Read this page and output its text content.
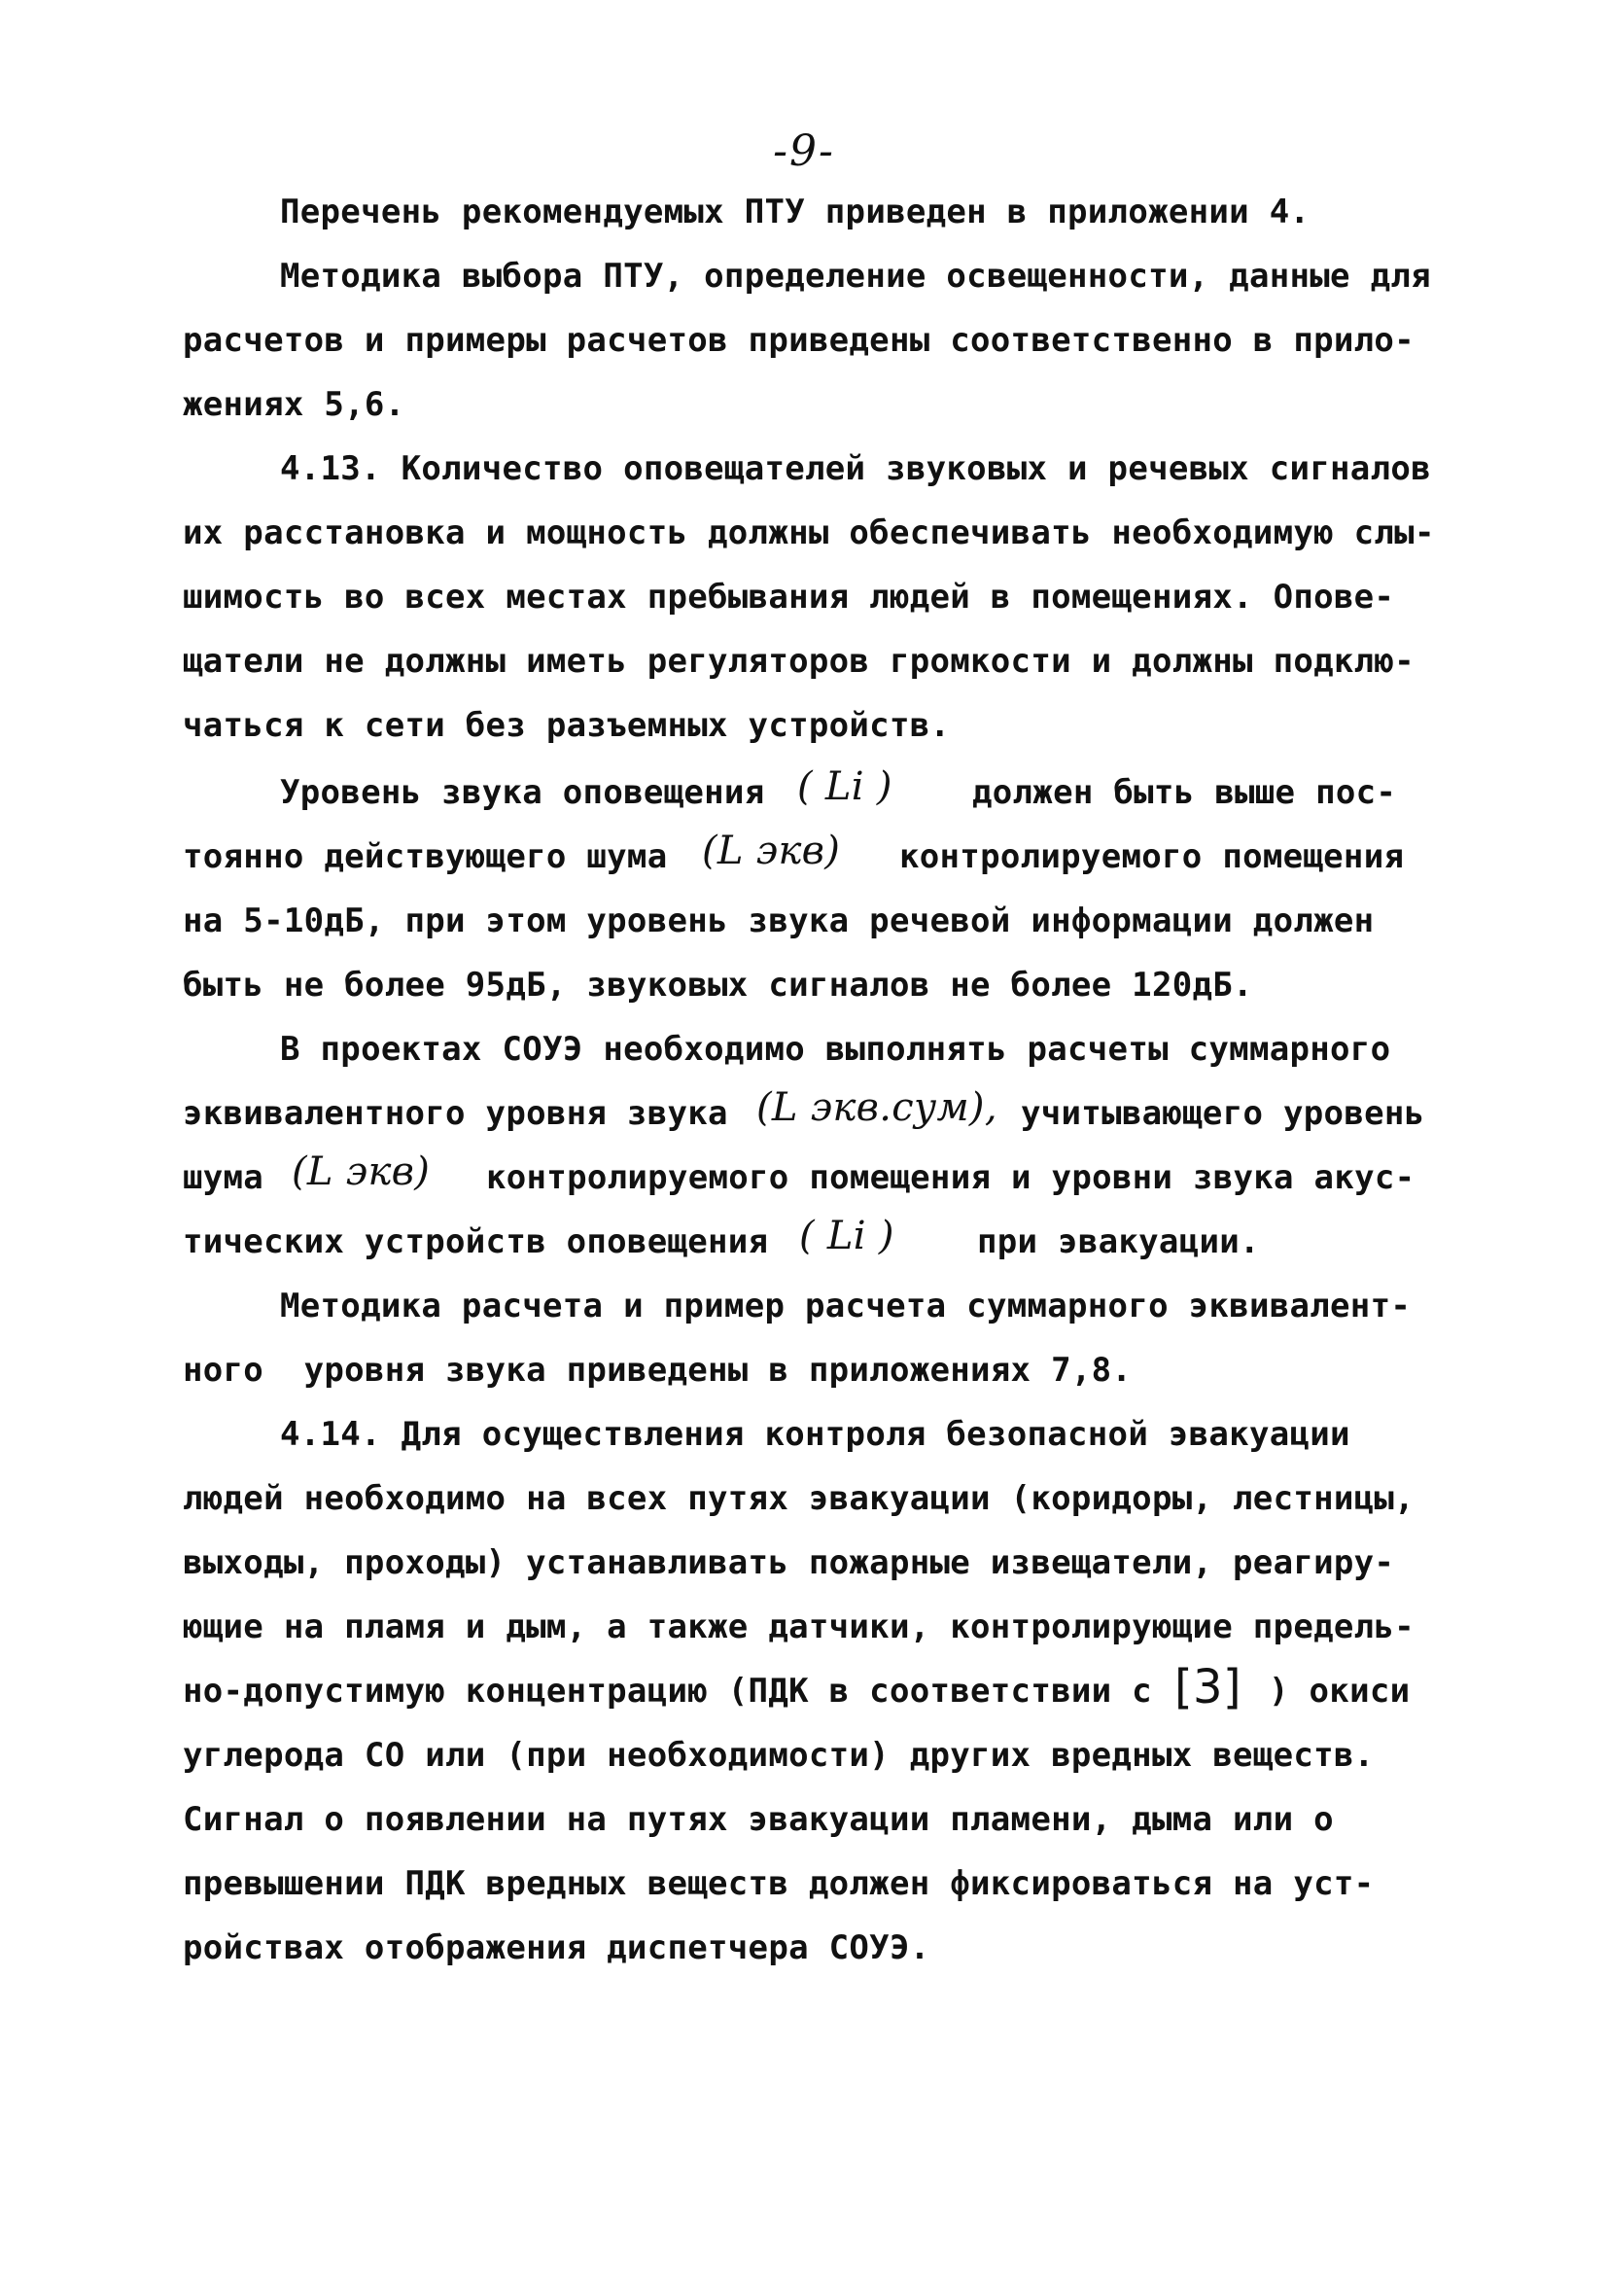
-9-
Перечень рекомендуемых ПТУ приведен в приложении 4.
Методика выбора ПТУ, определение освещенности, данные для
расчетов и примеры расчетов приведены соответственно в прило-
жениях 5,6.
4.13. Количество оповещателей звуковых и речевых сигналов
их расстановка и мощность должны обеспечивать необходимую слы-
шимость во всех местах пребывания людей в помещениях. Опове-
щатели не должны иметь регуляторов громкости и должны подклю-
чаться к сети без разъемных устройств.
Уровень звука оповещения ( Li ) должен быть выше пос-
тоянно действующего шума (L экв) контролируемого помещения
на 5-10дБ, при этом уровень звука речевой информации должен
быть не более 95дБ, звуковых сигналов не более 120дБ.
В проектах СОУЭ необходимо выполнять расчеты суммарного
эквивалентного уровня звука (L экв.сум), учитывающего уровень
шума (L экв) контролируемого помещения и уровни звука акус-
тических устройств оповещения ( Li )	при эвакуации.
Методика расчета и пример расчета суммарного эквивалент-
ного  уровня звука приведены в приложениях 7,8.
4.14. Для осуществления контроля безопасной эвакуации
людей необходимо на всех путях эвакуации (коридоры, лестницы,
выходы, проходы) устанавливать пожарные извещатели, реагиру-
ющие на пламя и дым, а также датчики, контролирующие предель-
но-допустимую концентрацию (ПДК в соответствии с [3] ) окиси
углерода СО или (при необходимости) других вредных веществ.
Сигнал о появлении на путях эвакуации пламени, дыма или о
превышении ПДК вредных веществ должен фиксироваться на уст-
ройствах отображения диспетчера СОУЭ.
